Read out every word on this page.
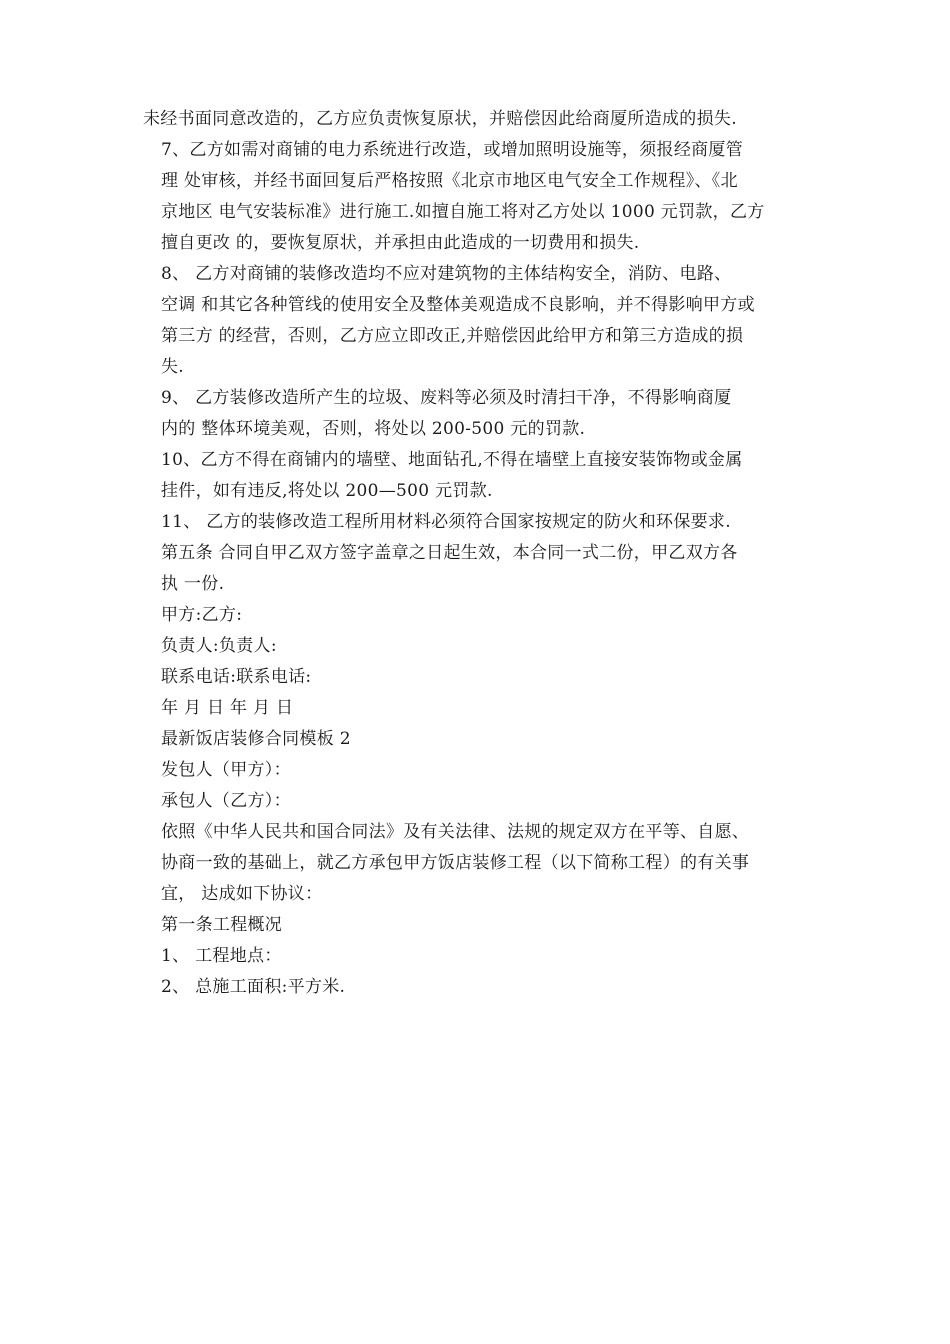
未经书面同意改造的，乙方应负责恢复原状，并赔偿因此给商厦所造成的损失.

7、乙方如需对商铺的电力系统进行改造，或增加照明设施等，须报经商厦管
理 处审核，并经书面回复后严格按照《北京市地区电气安全工作规程》、《北
京地区 电气安装标准》进行施工.如擅自施工将对乙方处以 1000 元罚款，乙方
擅自更改 的，要恢复原状，并承担由此造成的一切费用和损失.

8、 乙方对商铺的装修改造均不应对建筑物的主体结构安全，消防、电路、
空调 和其它各种管线的使用安全及整体美观造成不良影响，并不得影响甲方或
第三方 的经营，否则，乙方应立即改正,并赔偿因此给甲方和第三方造成的损
失.

9、 乙方装修改造所产生的垃圾、废料等必须及时清扫干净，不得影响商厦
内的 整体环境美观，否则，将处以 200-500 元的罚款.

10、乙方不得在商铺内的墙壁、地面钻孔,不得在墙壁上直接安装饰物或金属
挂件，如有违反,将处以 200—500 元罚款.

11、 乙方的装修改造工程所用材料必须符合国家按规定的防火和环保要求.

第五条 合同自甲乙双方签字盖章之日起生效，本合同一式二份，甲乙双方各
执 一份.

甲方:乙方:

负责人:负责人:

联系电话:联系电话:

年 月 日 年 月 日

最新饭店装修合同模板 2

发包人（甲方）：

承包人（乙方）：

依照《中华人民共和国合同法》及有关法律、法规的规定双方在平等、自愿、
协商一致的基础上，就乙方承包甲方饭店装修工程（以下简称工程）的有关事
宜， 达成如下协议：

第一条工程概况

1、 工程地点：

2、 总施工面积:平方米.
